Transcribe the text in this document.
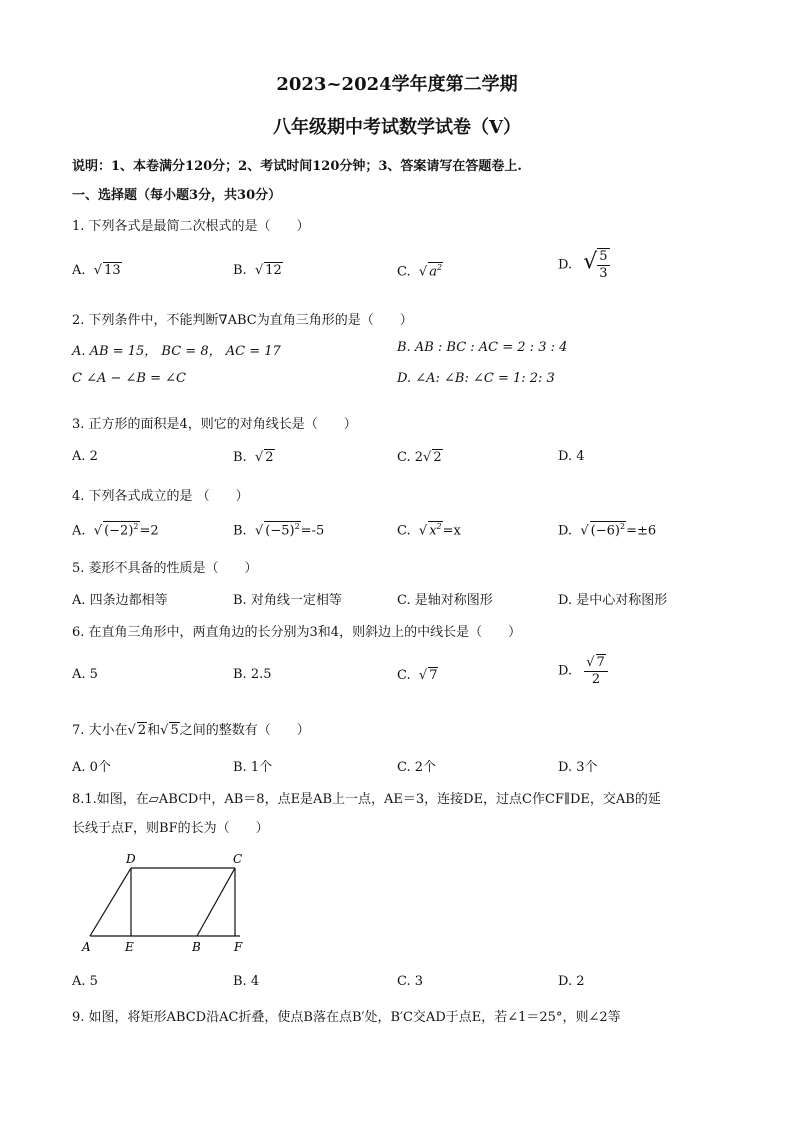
2023~2024学年度第二学期
八年级期中考试数学试卷（V）
说明：1、本卷满分120分；2、考试时间120分钟；3、答案请写在答题卷上.
一、选择题（每小题3分，共30分）
1. 下列各式是最简二次根式的是（　　）
A.  √ 13	B.  √ 12	C.  √ $a^2$	D.  √ $\frac{5}{3}$
2. 下列条件中，不能判断∇ABC为直角三角形的是（　　）
A. AB = 15， BC = 8， AC = 17	B. AB : BC : AC = 2 : 3 : 4
C ∠A − ∠B = ∠C	D. ∠A: ∠B: ∠C = 1: 2: 3
3. 正方形的面积是4，则它的对角线长是（　　）
A. 2	B.  √ 2	C. 2√ 2	D. 4
4. 下列各式成立的是 （　　）
A.  √ $(-2)^2=2$	B.  √ $(-5)^2=-5$	C.  √ $x^2=x$	D.  √ $(-6)^2=\pm 6$
5. 菱形不具备的性质是（　　）
A. 四条边都相等	B. 对角线一定相等	C. 是轴对称图形	D. 是中心对称图形
6. 在直角三角形中，两直角边的长分别为3和4，则斜边上的中线长是（　　）
A. 5	B. 2.5	C.  √ 7	D. $\frac{√ 7}{2}$
7. 大小在√ 2和√ 5之间的整数有（　　）
A. 0个	B. 1个	C. 2个	D. 3个
8.1.如图，在▱ABCD中，AB＝8，点E是AB上一点，AE＝3，连接DE，过点C作CF∥DE，交AB的延
长线于点F，则BF的长为（　　）
D	C
A	E	B	F
A. 5	B. 4	C. 3	D. 2
9. 如图，将矩形ABCD沿AC折叠，使点B落在点B′处，B′C交AD于点E，若∠1＝25°，则∠2等
